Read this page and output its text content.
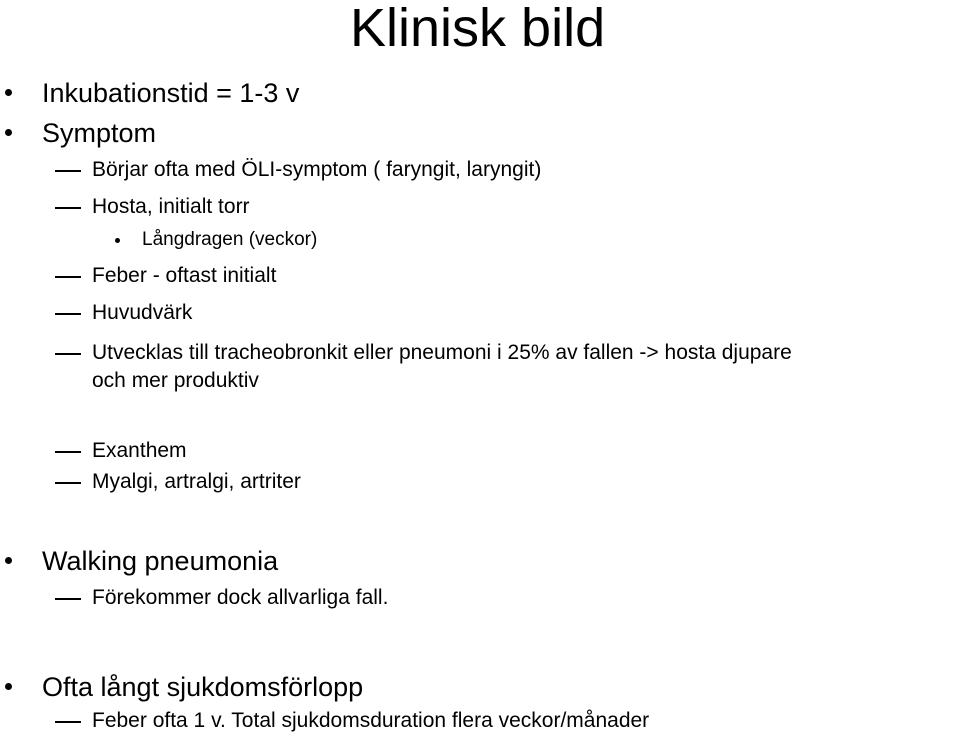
Klinisk bild
Inkubationstid = 1-3 v
Symptom
Börjar ofta med ÖLI-symptom ( faryngit, laryngit)
Hosta, initialt torr
Långdragen (veckor)
Feber - oftast initialt
Huvudvärk
Utvecklas till tracheobronkit eller pneumoni i 25% av fallen -> hosta djupare
och mer produktiv
Exanthem
Myalgi, artralgi, artriter
Walking pneumonia
Förekommer dock allvarliga fall.
Ofta långt sjukdomsförlopp
Feber ofta 1 v. Total sjukdomsduration flera veckor/månader
